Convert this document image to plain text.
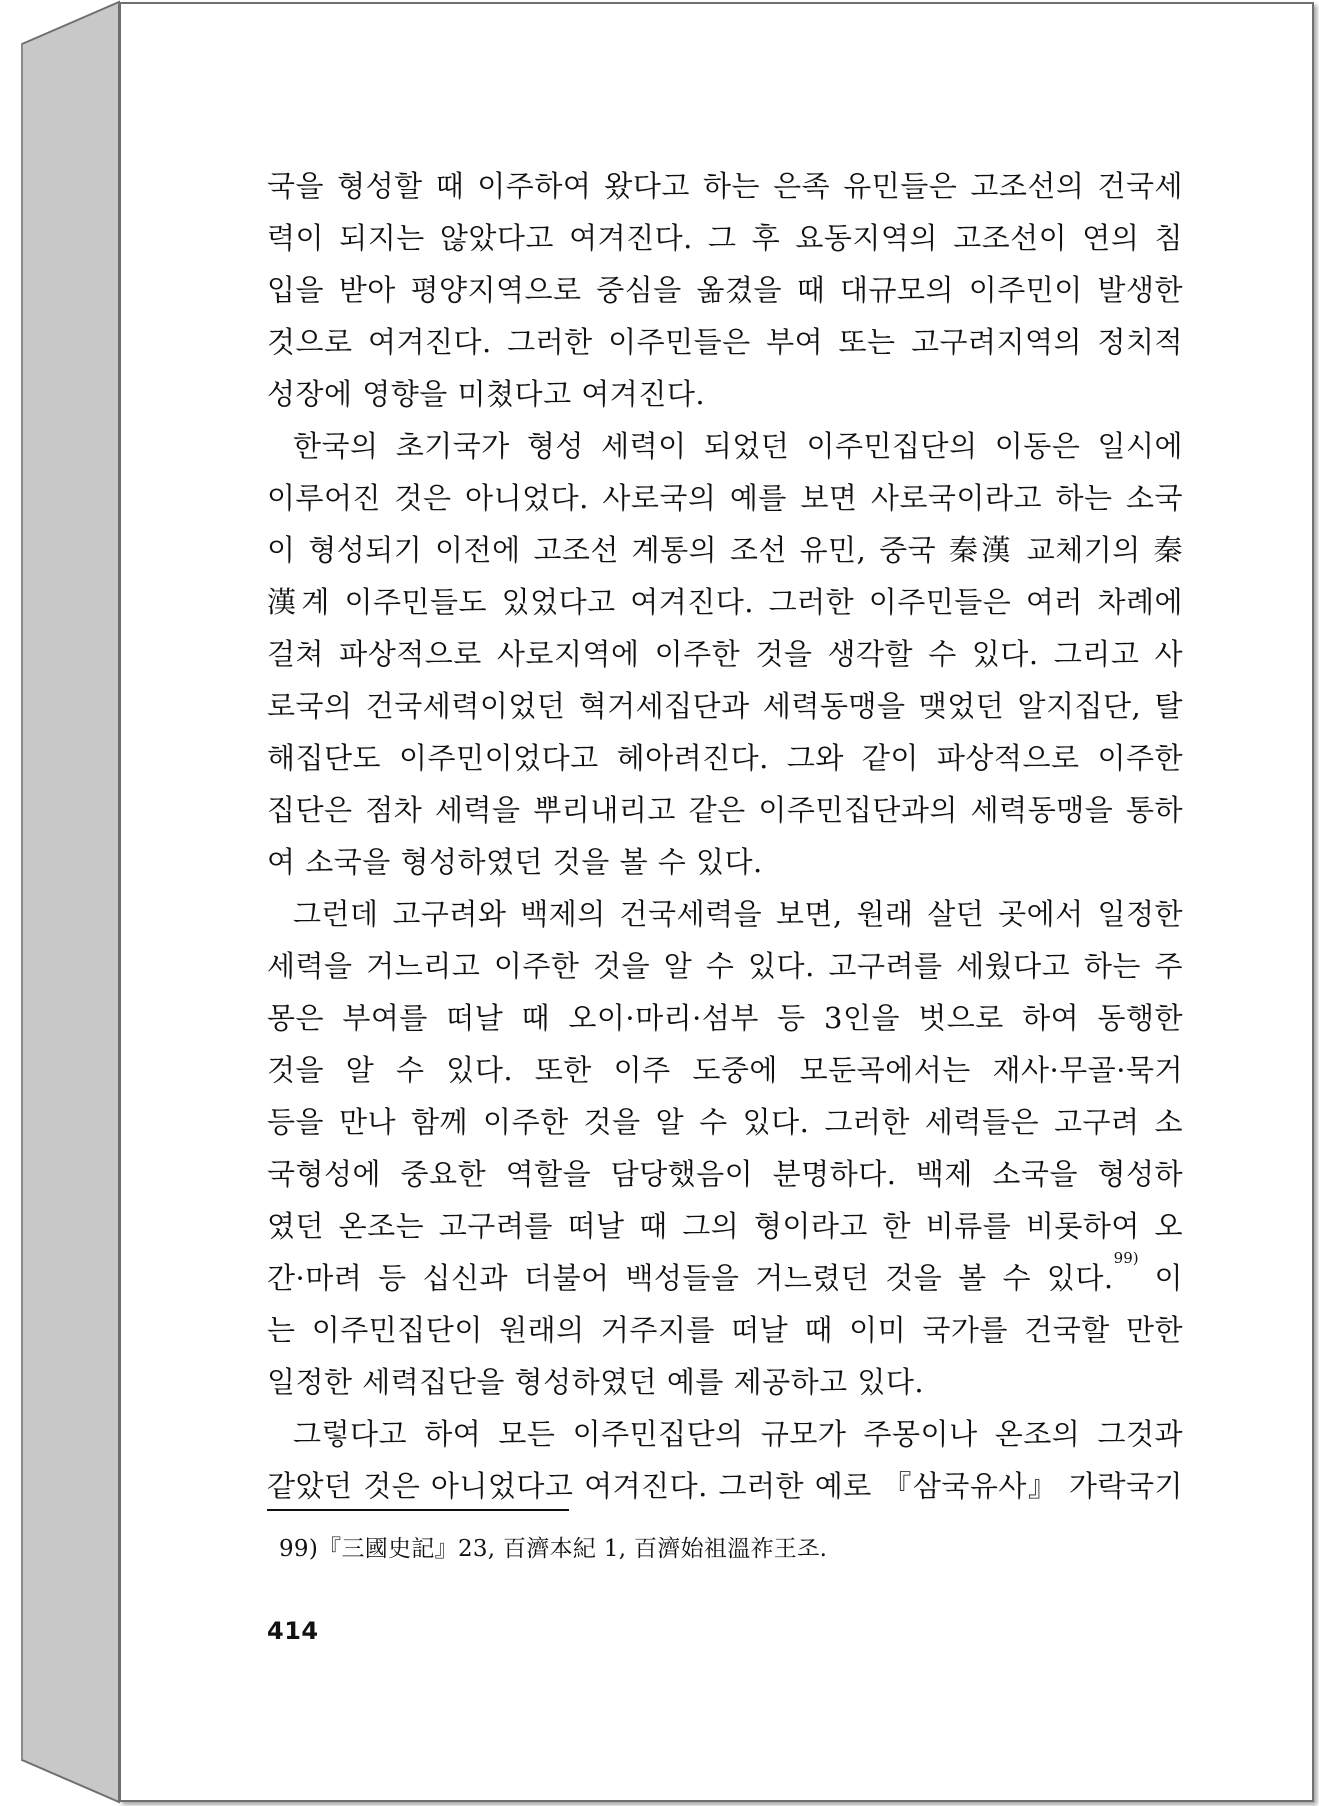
국을 형성할 때 이주하여 왔다고 하는 은족 유민들은 고조선의 건국세
력이 되지는 않았다고 여겨진다. 그 후 요동지역의 고조선이 연의 침
입을 받아 평양지역으로 중심을 옮겼을 때 대규모의 이주민이 발생한
것으로 여겨진다. 그러한 이주민들은 부여 또는 고구려지역의 정치적
성장에 영향을 미쳤다고 여겨진다.
한국의 초기국가 형성 세력이 되었던 이주민집단의 이동은 일시에
이루어진 것은 아니었다. 사로국의 예를 보면 사로국이라고 하는 소국
이 형성되기 이전에 고조선 계통의 조선 유민, 중국 秦漢 교체기의 秦
漢계 이주민들도 있었다고 여겨진다. 그러한 이주민들은 여러 차례에
걸쳐 파상적으로 사로지역에 이주한 것을 생각할 수 있다. 그리고 사
로국의 건국세력이었던 혁거세집단과 세력동맹을 맺었던 알지집단, 탈
해집단도 이주민이었다고 헤아려진다. 그와 같이 파상적으로 이주한
집단은 점차 세력을 뿌리내리고 같은 이주민집단과의 세력동맹을 통하
여 소국을 형성하였던 것을 볼 수 있다.
그런데 고구려와 백제의 건국세력을 보면, 원래 살던 곳에서 일정한
세력을 거느리고 이주한 것을 알 수 있다. 고구려를 세웠다고 하는 주
몽은 부여를 떠날 때 오이·마리·섬부 등 3인을 벗으로 하여 동행한
것을 알 수 있다. 또한 이주 도중에 모둔곡에서는 재사·무골·묵거
등을 만나 함께 이주한 것을 알 수 있다. 그러한 세력들은 고구려 소
국형성에 중요한 역할을 담당했음이 분명하다. 백제 소국을 형성하
였던 온조는 고구려를 떠날 때 그의 형이라고 한 비류를 비롯하여 오
간·마려 등 십신과 더불어 백성들을 거느렸던 것을 볼 수 있다.$^{99)}$ 이
는 이주민집단이 원래의 거주지를 떠날 때 이미 국가를 건국할 만한
일정한 세력집단을 형성하였던 예를 제공하고 있다.
그렇다고 하여 모든 이주민집단의 규모가 주몽이나 온조의 그것과
같았던 것은 아니었다고 여겨진다. 그러한 예로 『삼국유사』 가락국기
99)『三國史記』23, 百濟本紀 1, 百濟始祖溫祚王조.
414
